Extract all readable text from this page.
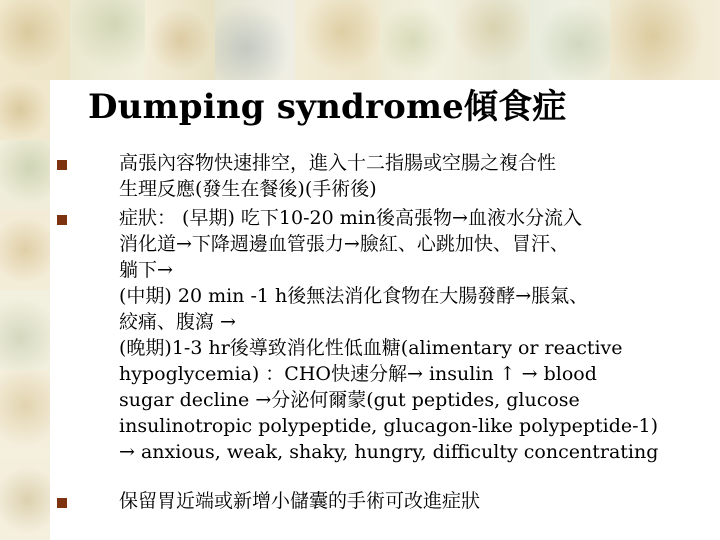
Dumping syndrome傾食症
高張內容物快速排空，進入十二指腸或空腸之複合性
生理反應(發生在餐後)(手術後)
症狀： (早期) 吃下10-20 min後高張物→血液水分流入
消化道→下降週邊血管張力→臉紅、心跳加快、冒汗、
躺下→
(中期) 20 min -1 h後無法消化食物在大腸發酵→脹氣、
絞痛、腹瀉 →
(晚期)1-3 hr後導致消化性低血糖(alimentary or reactive
hypoglycemia) ：CHO快速分解→ insulin ↑ → blood
sugar decline →分泌何爾蒙(gut peptides, glucose
insulinotropic polypeptide, glucagon-like polypeptide-1)
→ anxious, weak, shaky, hungry, difficulty concentrating
保留胃近端或新增小儲囊的手術可改進症狀
